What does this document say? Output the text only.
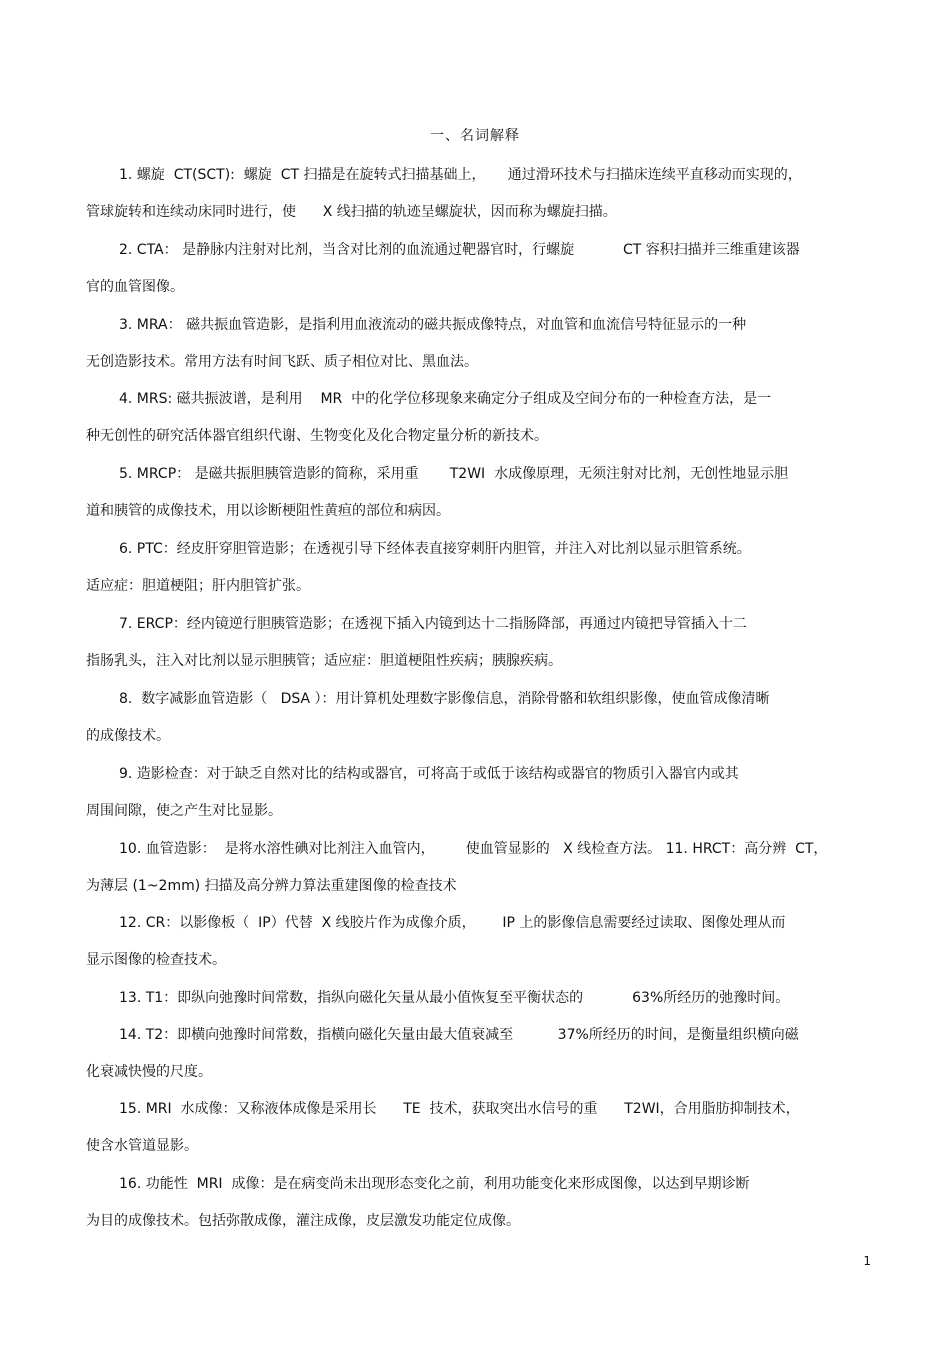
一、名词解释
1. 螺旋  CT(SCT):  螺旋  CT 扫描是在旋转式扫描基础上，     通过滑环技术与扫描床连续平直移动而实现的，
管球旋转和连续动床同时进行，使      X 线扫描的轨迹呈螺旋状，因而称为螺旋扫描。
2. CTA： 是静脉内注射对比剂，当含对比剂的血流通过靶器官时，行螺旋           CT 容积扫描并三维重建该器
官的血管图像。
3. MRA： 磁共振血管造影，是指利用血液流动的磁共振成像特点，对血管和血流信号特征显示的一种
无创造影技术。常用方法有时间飞跃、质子相位对比、黑血法。
4. MRS: 磁共振波谱，是利用    MR  中的化学位移现象来确定分子组成及空间分布的一种检查方法，是一
种无创性的研究活体器官组织代谢、生物变化及化合物定量分析的新技术。
5. MRCP： 是磁共振胆胰管造影的简称，采用重       T2WI  水成像原理，无须注射对比剂，无创性地显示胆
道和胰管的成像技术，用以诊断梗阻性黄疸的部位和病因。
6. PTC：经皮肝穿胆管造影；在透视引导下经体表直接穿刺肝内胆管，并注入对比剂以显示胆管系统。
适应症：胆道梗阻；肝内胆管扩张。
7. ERCP：经内镜逆行胆胰管造影；在透视下插入内镜到达十二指肠降部，再通过内镜把导管插入十二
指肠乳头，注入对比剂以显示胆胰管；适应症：胆道梗阻性疾病；胰腺疾病。
8.  数字减影血管造影（   DSA ）：用计算机处理数字影像信息，消除骨骼和软组织影像，使血管成像清晰
的成像技术。
9. 造影检查：对于缺乏自然对比的结构或器官，可将高于或低于该结构或器官的物质引入器官内或其
周围间隙，使之产生对比显影。
10. 血管造影：  是将水溶性碘对比剂注入血管内，       使血管显影的   X 线检查方法。 11. HRCT：高分辨  CT，
为薄层 (1~2mm) 扫描及高分辨力算法重建图像的检查技术
12. CR：以影像板（  IP）代替  X 线胶片作为成像介质，      IP 上的影像信息需要经过读取、图像处理从而
显示图像的检查技术。
13. T1：即纵向弛豫时间常数，指纵向磁化矢量从最小值恢复至平衡状态的           63%所经历的弛豫时间。
14. T2：即横向弛豫时间常数，指横向磁化矢量由最大值衰减至          37%所经历的时间，是衡量组织横向磁
化衰减快慢的尺度。
15. MRI  水成像：又称液体成像是采用长      TE  技术，获取突出水信号的重      T2WI，合用脂肪抑制技术，
使含水管道显影。
16. 功能性  MRI  成像：是在病变尚未出现形态变化之前，利用功能变化来形成图像，以达到早期诊断
为目的成像技术。包括弥散成像，灌注成像，皮层激发功能定位成像。
1
